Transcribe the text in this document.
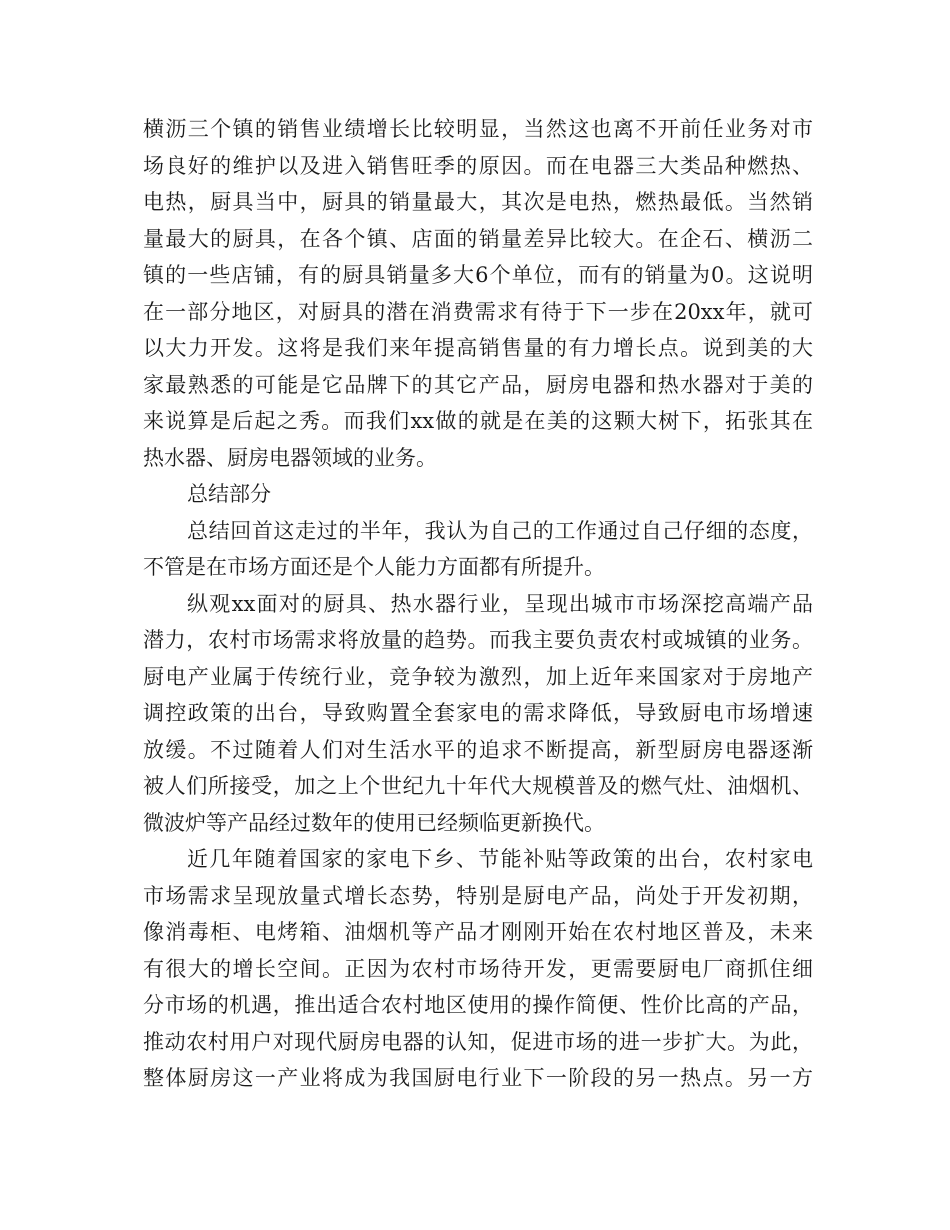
横沥三个镇的销售业绩增长比较明显，当然这也离不开前任业务对市
场良好的维护以及进入销售旺季的原因。而在电器三大类品种燃热、
电热，厨具当中，厨具的销量最大，其次是电热，燃热最低。当然销
量最大的厨具，在各个镇、店面的销量差异比较大。在企石、横沥二
镇的一些店铺，有的厨具销量多大6个单位，而有的销量为0。这说明
在一部分地区，对厨具的潜在消费需求有待于下一步在20xx年，就可
以大力开发。这将是我们来年提高销售量的有力增长点。说到美的大
家最熟悉的可能是它品牌下的其它产品，厨房电器和热水器对于美的
来说算是后起之秀。而我们xx做的就是在美的这颗大树下，拓张其在
热水器、厨房电器领域的业务。
总结部分
总结回首这走过的半年，我认为自己的工作通过自己仔细的态度，
不管是在市场方面还是个人能力方面都有所提升。
纵观xx面对的厨具、热水器行业，呈现出城市市场深挖高端产品
潜力，农村市场需求将放量的趋势。而我主要负责农村或城镇的业务。
厨电产业属于传统行业，竞争较为激烈，加上近年来国家对于房地产
调控政策的出台，导致购置全套家电的需求降低，导致厨电市场增速
放缓。不过随着人们对生活水平的追求不断提高，新型厨房电器逐渐
被人们所接受，加之上个世纪九十年代大规模普及的燃气灶、油烟机、
微波炉等产品经过数年的使用已经频临更新换代。
近几年随着国家的家电下乡、节能补贴等政策的出台，农村家电
市场需求呈现放量式增长态势，特别是厨电产品，尚处于开发初期，
像消毒柜、电烤箱、油烟机等产品才刚刚开始在农村地区普及，未来
有很大的增长空间。正因为农村市场待开发，更需要厨电厂商抓住细
分市场的机遇，推出适合农村地区使用的操作简便、性价比高的产品，
推动农村用户对现代厨房电器的认知，促进市场的进一步扩大。为此，
整体厨房这一产业将成为我国厨电行业下一阶段的另一热点。另一方
